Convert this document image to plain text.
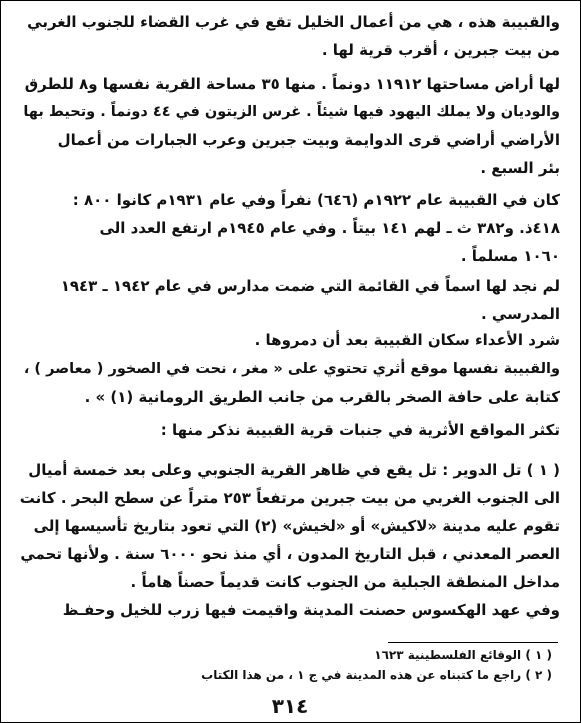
والقبيبة هذه ، هي من أعمال الخليل تقع في غرب القضاء للجنوب الغربي
من بيت جبرين ، أقرب قرية لها .

لها أراض مساحتها ١١٩١٢ دونماً . منها ٣٥ مساحة القرية نفسها و٨ للطرق
والوديان ولا يملك اليهود فيها شيئاً . غرس الزيتون في ٤٤ دونماً . وتحيط بها
الأراضي أراضي قرى الدوايمة وبيت جبرين وعرب الجبارات من أعمال
بئر السبع .

كان في القبيبة عام ١٩٢٢م (٦٤٦) نفراً وفي عام ١٩٣١م كانوا ٨٠٠ :
٤١٨ذ. و٣٨٢ ث ـ لهم ١٤١ بيتاً . وفي عام ١٩٤٥م ارتفع العدد الى
١٠٦٠ مسلماً .

لم نجد لها اسماً في القائمة التي ضمت مدارس في عام ١٩٤٢ ـ ١٩٤٣
المدرسي .

شرد الأعداء سكان القبيبة بعد أن دمروها .

والقبيبة نفسها موقع أثري تحتوي على « مغر ، نحت في الصخور ( معاصر ) ،
كتابة على حافة الصخر بالقرب من جانب الطريق الرومانية (١) » .

تكثر المواقع الأثرية في جنبات قرية القبيبة نذكر منها :

( ١ ) تل الدوير : تل يقع في ظاهر القرية الجنوبي وعلى بعد خمسة أميال
الى الجنوب الغربي من بيت جبرين مرتفعاً ٢٥٣ متراً عن سطح البحر . كانت
تقوم عليه مدينة «لاكيش» أو «لخيش» (٢) التي تعود بتاريخ تأسيسها إلى
العصر المعدني ، قبل التاريخ المدون ، أي منذ نحو ٦٠٠٠ سنة . ولأنها تحمي
مداخل المنطقة الجبلية من الجنوب كانت قديماً حصناً هاماً .

وفي عهد الهكسوس حصنت المدينة واقيمت فيها زرب للخيل وحفـظ

( ١ ) الوقائع الفلسطينية ١٦٢٣
( ٢ ) راجع ما كتبناه عن هذه المدينة في ج ١ ، من هذا الكتاب
٣١٤
